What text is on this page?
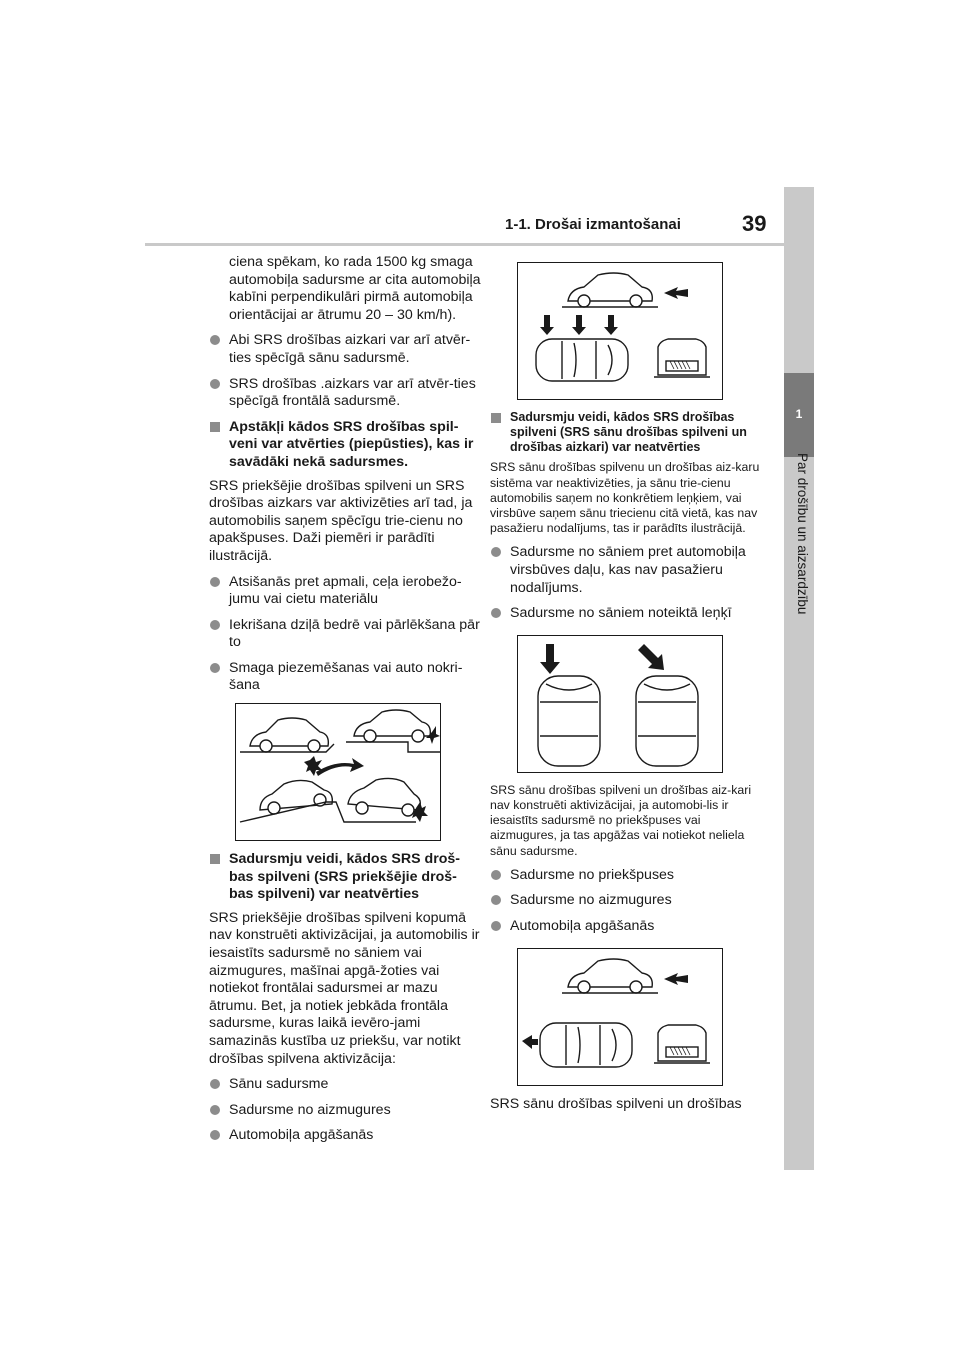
1-1. Drošai izmantošanai	39
1
Par drošību un aizsardzību

ciena spēkam, ko rada 1500 kg smaga automobiļa sadursme ar cita automobiļa kabīni perpendikulāri pirmā automobiļa orientācijai ar ātrumu 20 – 30 km/h).

Abi SRS drošības aizkari var arī atvēr-ties spēcīgā sānu sadursmē.
SRS drošības .aizkars var arī atvēr-ties spēcīgā frontālā sadursmē.
Apstākļi kādos SRS drošības spil-veni var atvērties (piepūsties), kas ir savādāki nekā sadursmes.

SRS priekšējie drošības spilveni un SRS drošības aizkars var aktivizēties arī tad, ja automobilis saņem spēcīgu trie-cienu no apakšpuses. Daži piemēri ir parādīti ilustrācijā.

Atsišanās pret apmali, ceļa ierobežo-jumu vai cietu materiālu
Iekrišana dziļā bedrē vai pārlēkšana pār to
Smaga piezemēšanas vai auto nokri-šana
Sadursmju veidi, kādos SRS droš-bas spilveni (SRS priekšējie droš-bas spilveni) var neatvērties

SRS priekšējie drošības spilveni kopumā nav konstruēti aktivizācijai, ja automobilis ir iesaistīts sadursmē no sāniem vai aizmugures, mašīnai apgā-žoties vai notiekot frontālai sadursmei ar mazu ātrumu. Bet, ja notiek jebkāda frontāla sadursme, kuras laikā ievēro-jami samazinās kustība uz priekšu, var notikt drošības spilvena aktivizācija:

Sānu sadursme
Sadursme no aizmugures
Automobiļa apgāšanās
Sadursmju veidi, kādos SRS drošības spilveni (SRS sānu drošības spilveni un drošības aizkari) var neatvērties

SRS sānu drošības spilvenu un drošības aiz-karu sistēma var neaktivizēties, ja sānu trie-cienu automobilis saņem no konkrētiem leņķiem, vai virsbūve saņem sānu triecienu citā vietā, kas nav pasažieru nodalījums, tas ir parādīts ilustrācijā.

Sadursme no sāniem pret automobiļa virsbūves daļu, kas nav pasažieru nodalījums.
Sadursme no sāniem noteiktā leņķī

SRS sānu drošības spilveni un drošības aiz-kari nav konstruēti aktivizācijai, ja automobi-lis ir iesaistīts sadursmē no priekšpuses vai aizmugures, ja tas apgāžas vai notiekot neliela sānu sadursme.

Sadursme no priekšpuses
Sadursme no aizmugures
Automobiļa apgāšanās

SRS sānu drošības spilveni un drošības
